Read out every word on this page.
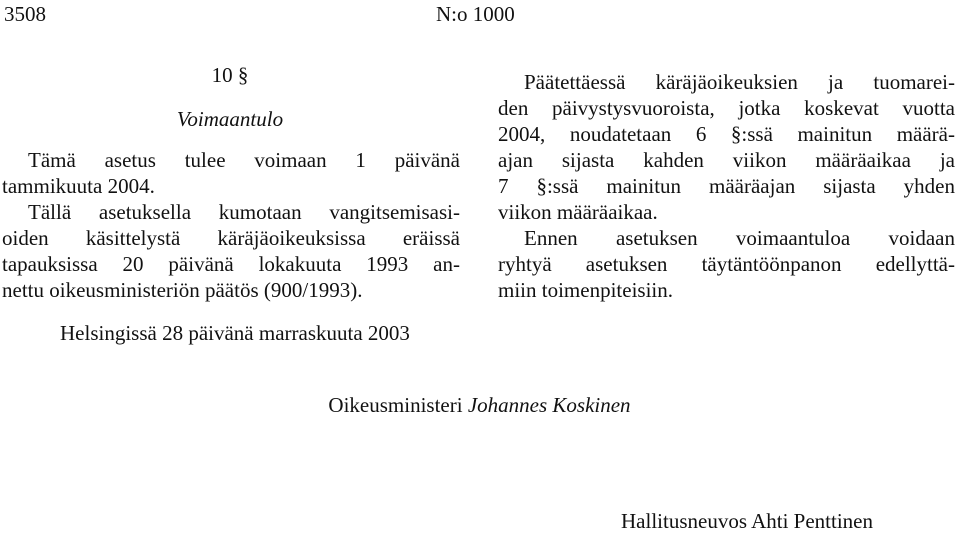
3508	N:o 1000
10 §
Voimaantulo
Tämä asetus tulee voimaan 1 päivänä
tammikuuta 2004.
Tällä asetuksella kumotaan vangitsemisasi-
oiden käsittelystä käräjäoikeuksissa eräissä
tapauksissa 20 päivänä lokakuuta 1993 an-
nettu oikeusministeriön päätös (900/1993).
Päätettäessä käräjäoikeuksien ja tuomarei-
den päivystysvuoroista, jotka koskevat vuotta
2004, noudatetaan 6 §:ssä mainitun määrä-
ajan sijasta kahden viikon määräaikaa ja
7 §:ssä mainitun määräajan sijasta yhden
viikon määräaikaa.
Ennen asetuksen voimaantuloa voidaan
ryhtyä asetuksen täytäntöönpanon edellyttä-
miin toimenpiteisiin.
Helsingissä 28 päivänä marraskuuta 2003
Oikeusministeri Johannes Koskinen
Hallitusneuvos Ahti Penttinen
